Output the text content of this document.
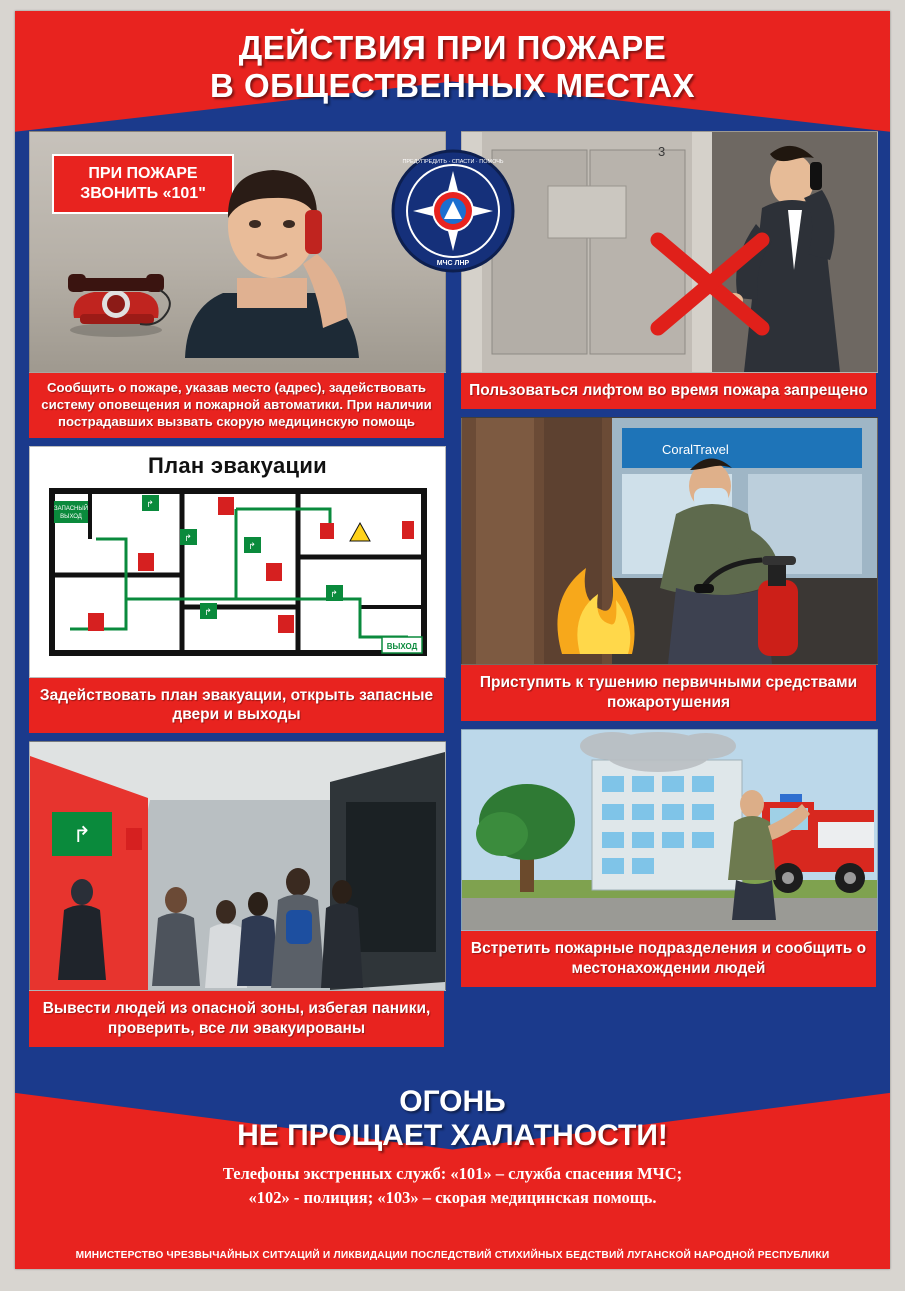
ДЕЙСТВИЯ ПРИ ПОЖАРЕ
В ОБЩЕСТВЕННЫХ МЕСТАХ
ПРЕДУПРЕДИТЬ · СПАСТИ · ПОМОЧЬ
МЧС ЛНР
ПРИ ПОЖАРЕ
ЗВОНИТЬ «101"
Сообщить о пожаре, указав место (адрес), задействовать систему оповещения и пожарной автоматики. При наличии пострадавших вызвать скорую медицинскую помощь
План эвакуации
ЗАПАСНЫЙ
ВЫХОД
ВЫХОД
↱
↱
↱
↱
↱
Задействовать план эвакуации, открыть запасные двери и выходы
↱
Вывести людей из опасной зоны, избегая паники, проверить, все ли эвакуированы
3
Пользоваться лифтом во время пожара запрещено
CoralTravel
Приступить к тушению первичными средствами пожаротушения
Встретить пожарные подразделения и сообщить о местонахождении людей
ОГОНЬ
НЕ ПРОЩАЕТ ХАЛАТНОСТИ!
Телефоны экстренных служб: «101» – служба спасения МЧС;
«102» - полиция; «103» – скорая медицинская помощь.
МИНИСТЕРСТВО ЧРЕЗВЫЧАЙНЫХ СИТУАЦИЙ И ЛИКВИДАЦИИ ПОСЛЕДСТВИЙ СТИХИЙНЫХ БЕДСТВИЙ ЛУГАНСКОЙ НАРОДНОЙ РЕСПУБЛИКИ
